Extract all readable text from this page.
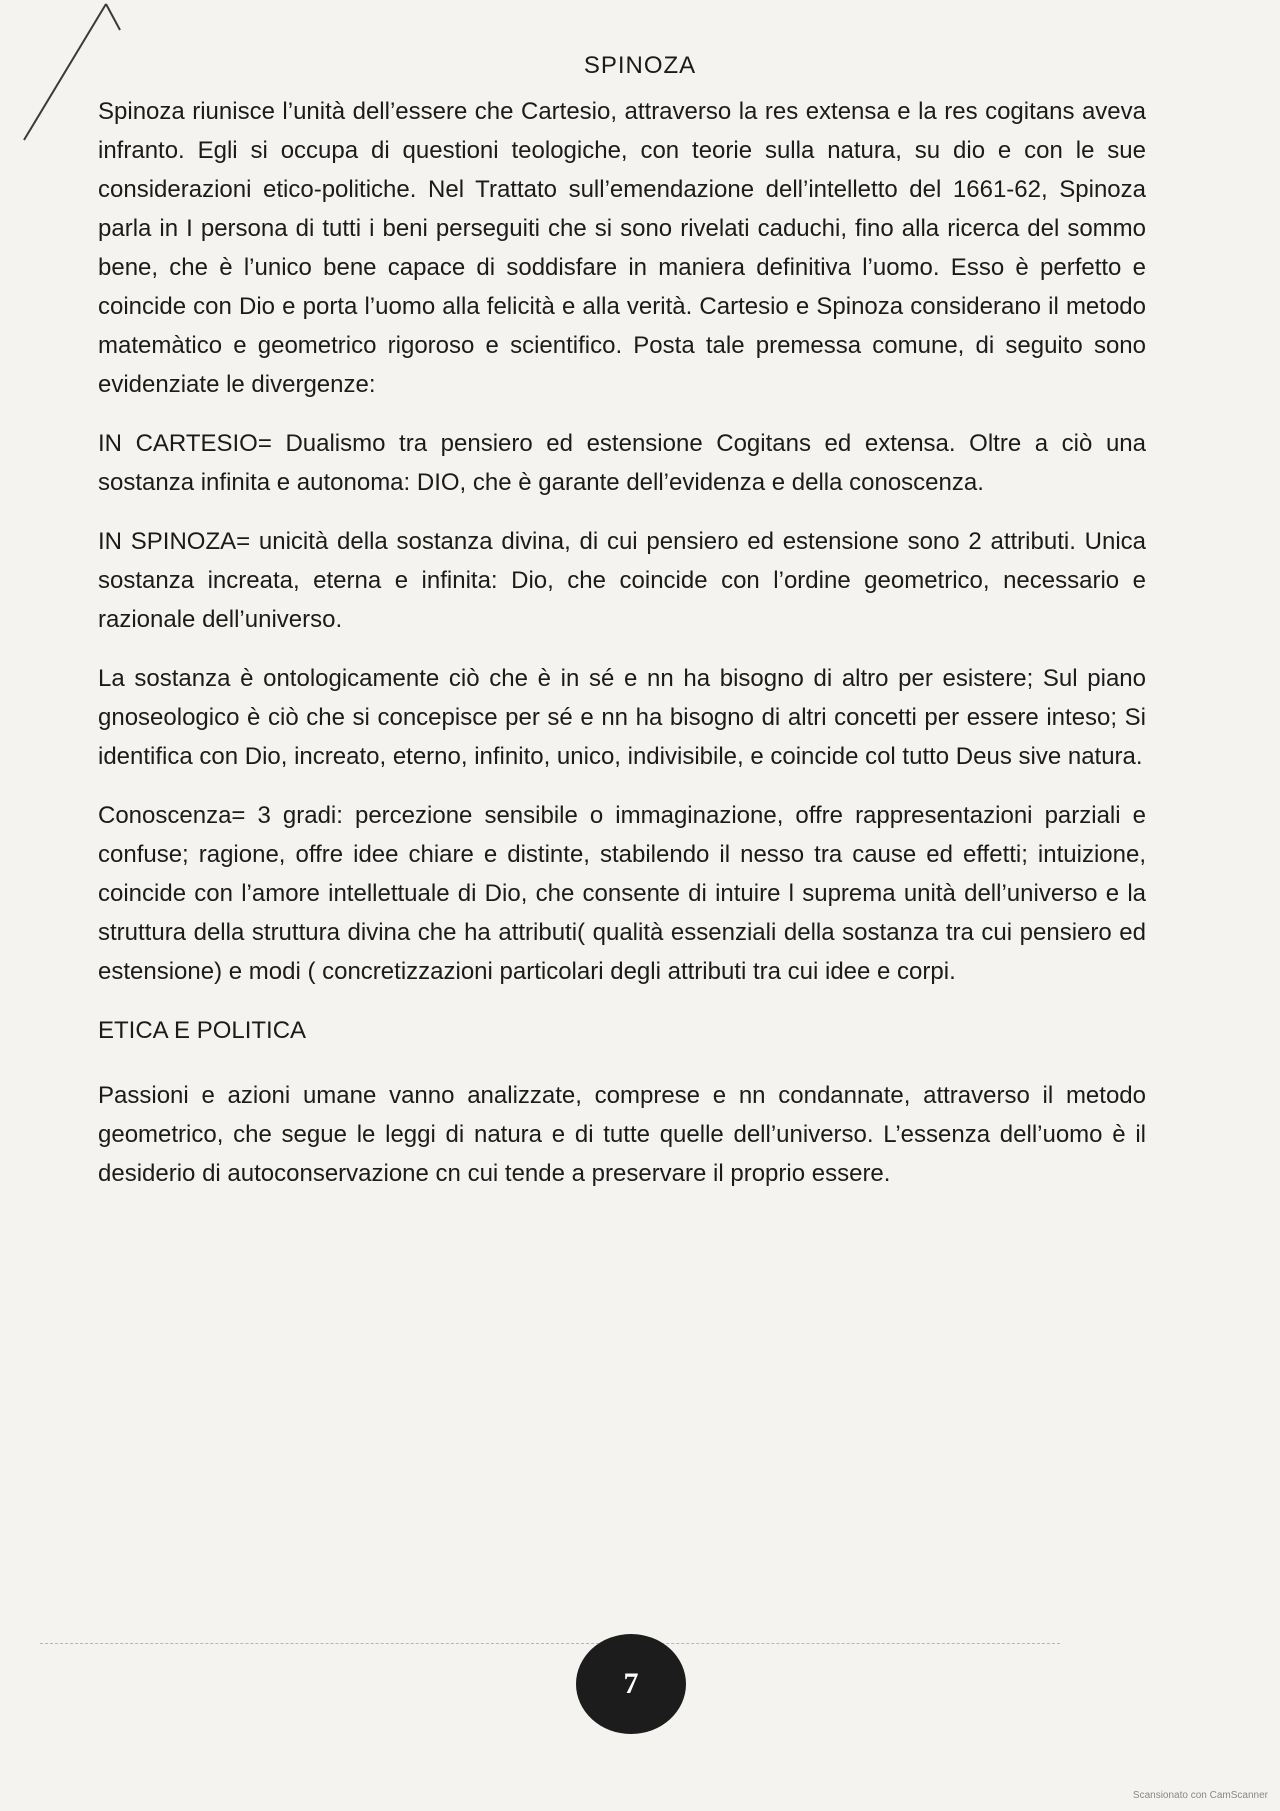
SPINOZA

Spinoza riunisce l’unità dell’essere che Cartesio, attraverso la res extensa e la res cogitans aveva infranto. Egli si occupa di questioni teologiche, con teorie sulla natura, su dio e con le sue considerazioni etico-politiche. Nel Trattato sull’emendazione dell’intelletto del 1661-62, Spinoza parla in I persona di tutti i beni perseguiti che si sono rivelati caduchi, fino alla ricerca del sommo bene, che è l’unico bene capace di soddisfare in maniera definitiva l’uomo. Esso è perfetto e coincide con Dio e porta l’uomo alla felicità e alla verità. Cartesio e Spinoza considerano il metodo matemàtico e geometrico rigoroso e scientifico. Posta tale premessa comune, di seguito sono evidenziate le divergenze:

IN CARTESIO= Dualismo tra pensiero ed estensione Cogitans ed extensa. Oltre a ciò una sostanza infinita e autonoma: DIO, che è garante dell’evidenza e della conoscenza.

IN SPINOZA= unicità della sostanza divina, di cui pensiero ed estensione sono 2 attributi. Unica sostanza increata, eterna e infinita: Dio, che coincide con l’ordine geometrico, necessario e razionale dell’universo.

La sostanza è ontologicamente ciò che è in sé e nn ha bisogno di altro per esistere; Sul piano gnoseologico è ciò che si concepisce per sé e nn ha bisogno di altri concetti per essere inteso; Si identifica con Dio, increato, eterno, infinito, unico, indivisibile, e coincide col tutto Deus sive natura.

Conoscenza= 3 gradi: percezione sensibile o immaginazione, offre rappresentazioni parziali e confuse; ragione, offre idee chiare e distinte, stabilendo il nesso tra cause ed effetti; intuizione, coincide con l’amore intellettuale di Dio, che consente di intuire l suprema unità dell’universo e la struttura della struttura divina che ha attributi( qualità essenziali della sostanza tra cui pensiero ed estensione) e modi ( concretizzazioni particolari degli attributi tra cui idee e corpi.

ETICA E POLITICA

Passioni e azioni umane vanno analizzate, comprese e nn condannate, attraverso il metodo geometrico, che segue le leggi di natura e di tutte quelle dell’universo. L’essenza dell’uomo è il desiderio di autoconservazione cn cui tende a preservare il proprio essere.

7
Scansionato con CamScanner
